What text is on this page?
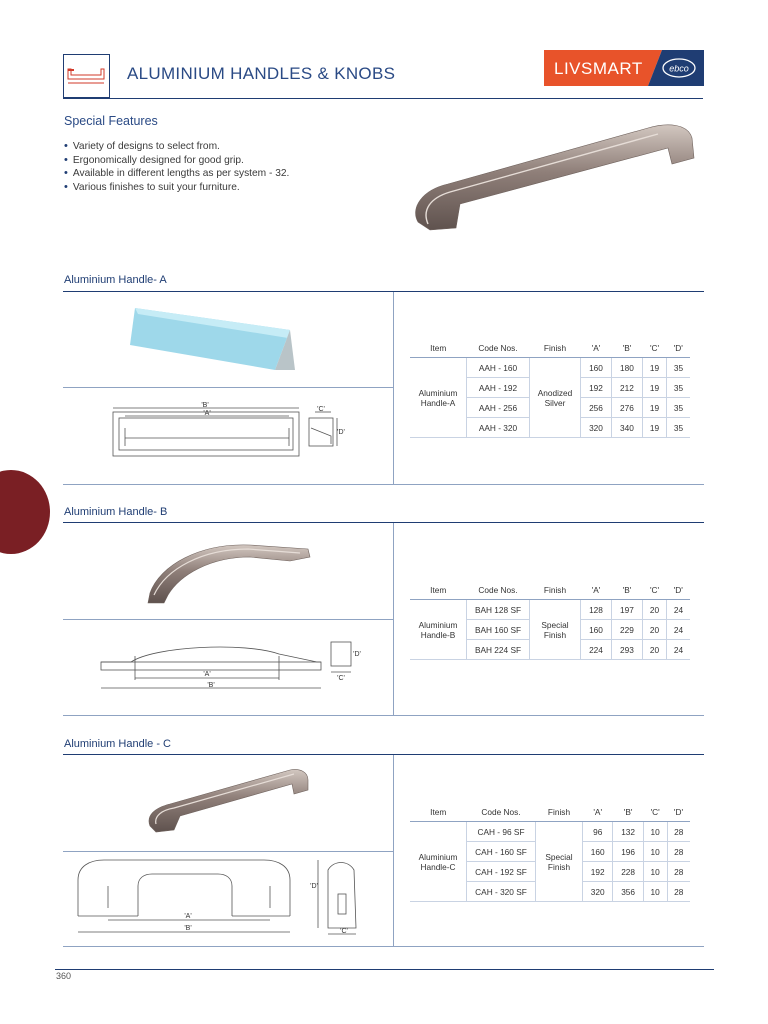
ALUMINIUM HANDLES & KNOBS	LIVSMART	ebco
Special Features
• Variety of designs to select from.
• Ergonomically designed for good grip.
• Available in different lengths as per system - 32.
• Various finishes to suit your furniture.
Aluminium Handle- A
'B'
'A'
'C'
'D'
Item	Code Nos.	Finish	'A'	'B'	'C'	'D'
Aluminium Handle-A	AAH - 160	Anodized Silver	160	180	19	35
	AAH - 192		192	212	19	35
	AAH - 256		256	276	19	35
	AAH - 320		320	340	19	35
Aluminium Handle- B
'A'
'B'
'C'
'D'
Item	Code Nos.	Finish	'A'	'B'	'C'	'D'
Aluminium Handle-B	BAH 128 SF	Special Finish	128	197	20	24
	BAH 160 SF		160	229	20	24
	BAH 224 SF		224	293	20	24
Aluminium Handle - C
'A'
'B'
'D'
'C'
Item	Code Nos.	Finish	'A'	'B'	'C'	'D'
Aluminium Handle-C	CAH - 96 SF	Special Finish	96	132	10	28
	CAH - 160 SF		160	196	10	28
	CAH - 192 SF		192	228	10	28
	CAH - 320 SF		320	356	10	28
360
